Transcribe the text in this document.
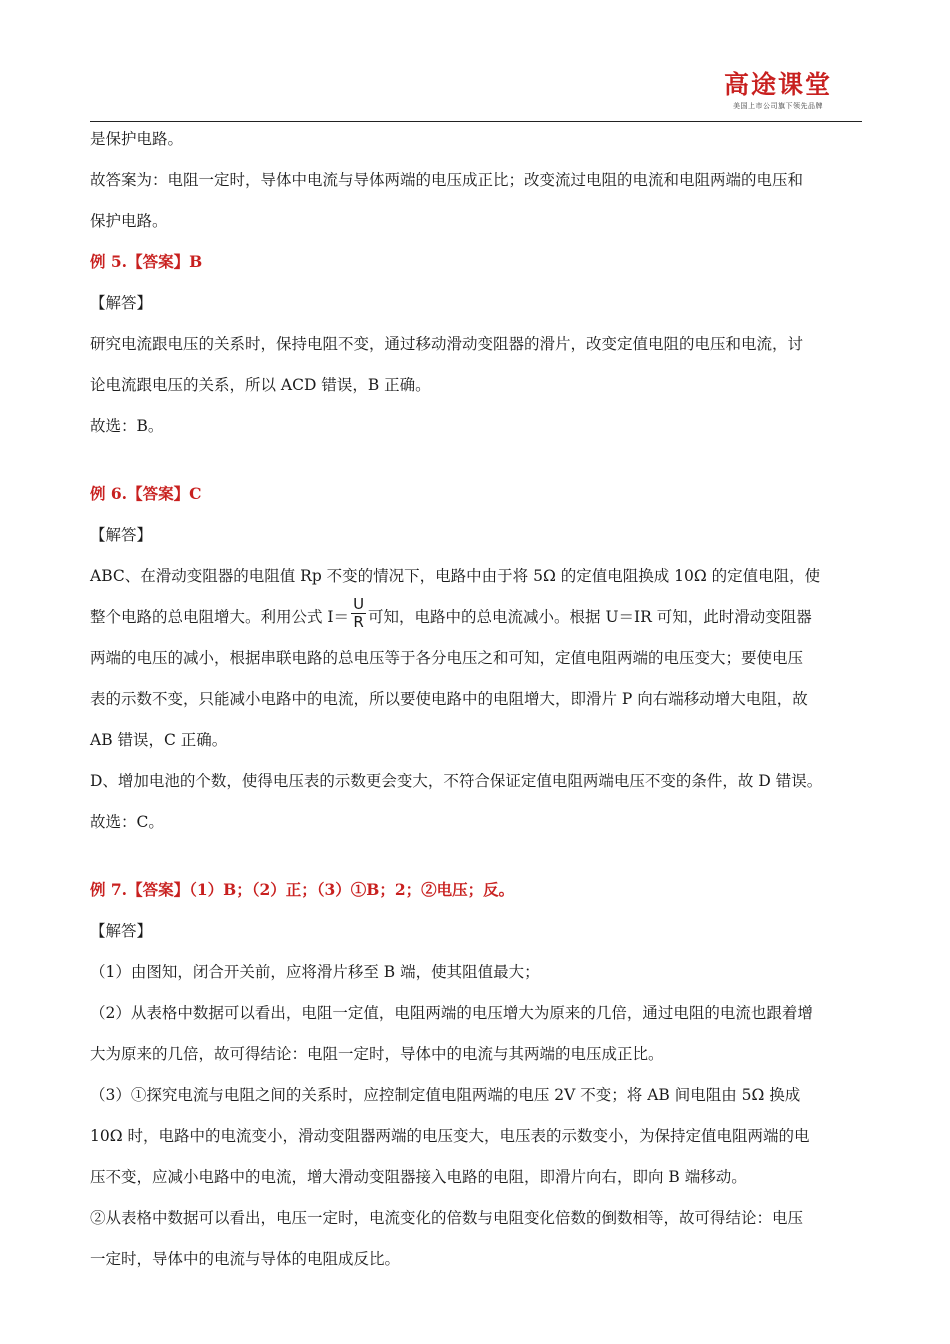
高途课堂
美国上市公司旗下领先品牌
是保护电路。
故答案为：电阻一定时，导体中电流与导体两端的电压成正比；改变流过电阻的电流和电阻两端的电压和
保护电路。
例 5.【答案】B
【解答】
研究电流跟电压的关系时，保持电阻不变，通过移动滑动变阻器的滑片，改变定值电阻的电压和电流，讨
论电流跟电压的关系，所以 ACD 错误，B 正确。
故选：B。
例 6.【答案】C
【解答】
ABC、在滑动变阻器的电阻值 Rp 不变的情况下，电路中由于将 5Ω 的定值电阻换成 10Ω 的定值电阻，使
整个电路的总电阻增大。利用公式 $I= \frac{U}{R}$ 可知，电路中的总电流减小。根据 U＝IR 可知，此时滑动变阻器
两端的电压的减小，根据串联电路的总电压等于各分电压之和可知，定值电阻两端的电压变大；要使电压
表的示数不变，只能减小电路中的电流，所以要使电路中的电阻增大，即滑片 P 向右端移动增大电阻，故
AB 错误，C 正确。
D、增加电池的个数，使得电压表的示数更会变大，不符合保证定值电阻两端电压不变的条件，故 D 错误。
故选：C。
例 7.【答案】（1）B；（2）正；（3）①B；2；②电压；反。
【解答】
（1）由图知，闭合开关前，应将滑片移至 B 端，使其阻值最大；
（2）从表格中数据可以看出，电阻一定值，电阻两端的电压增大为原来的几倍，通过电阻的电流也跟着增
大为原来的几倍，故可得结论：电阻一定时，导体中的电流与其两端的电压成正比。
（3）①探究电流与电阻之间的关系时，应控制定值电阻两端的电压 2V 不变；将 AB 间电阻由 5Ω 换成
10Ω 时，电路中的电流变小，滑动变阻器两端的电压变大，电压表的示数变小，为保持定值电阻两端的电
压不变，应减小电路中的电流，增大滑动变阻器接入电路的电阻，即滑片向右，即向 B 端移动。
②从表格中数据可以看出，电压一定时，电流变化的倍数与电阻变化倍数的倒数相等，故可得结论：电压
一定时，导体中的电流与导体的电阻成反比。
